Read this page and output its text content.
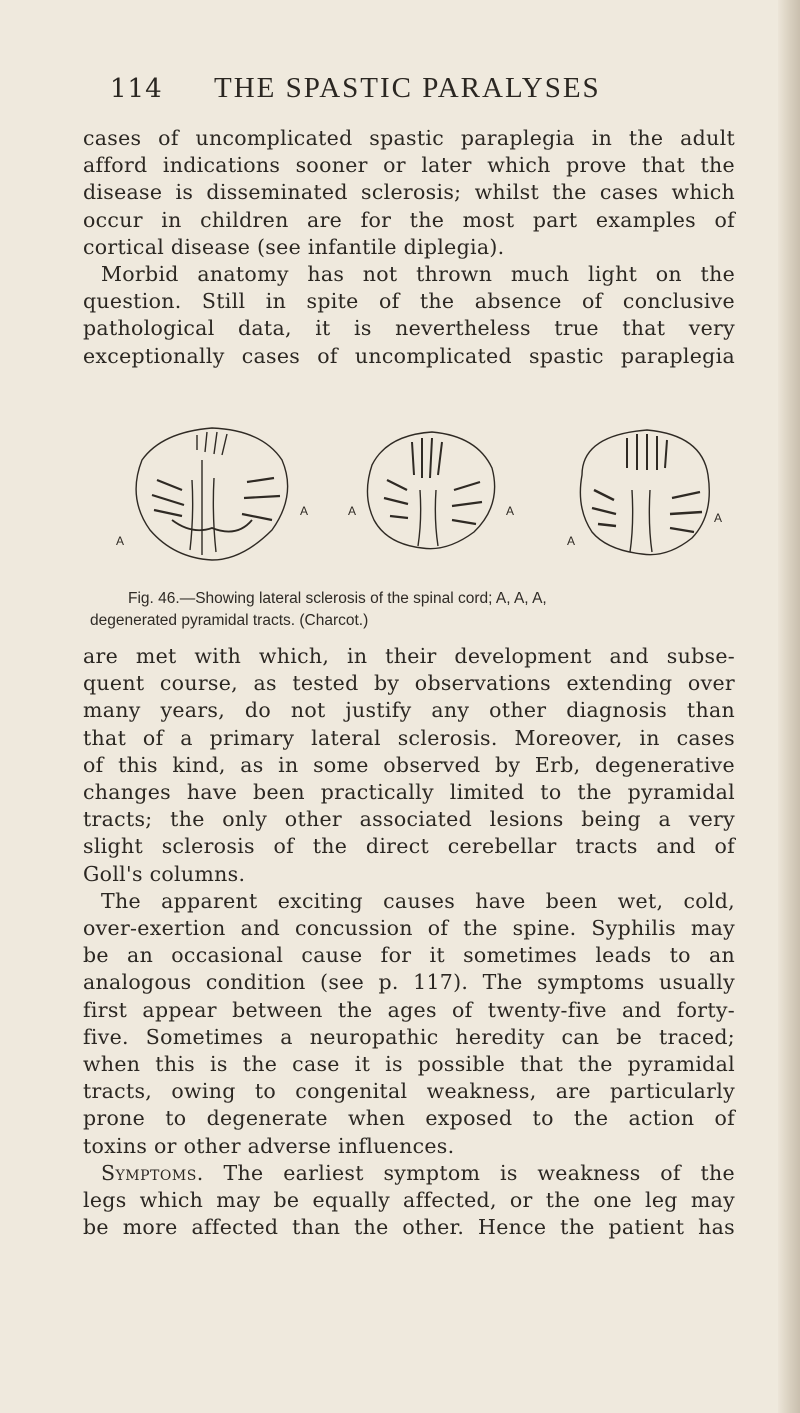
114 THE SPASTIC PARALYSES
cases of uncomplicated spastic paraplegia in the adult
afford indications sooner or later which prove that the
disease is disseminated sclerosis; whilst the cases which
occur in children are for the most part examples of
cortical disease (see infantile diplegia).
Morbid anatomy has not thrown much light on the
question. Still in spite of the absence of conclusive
pathological data, it is nevertheless true that very
exceptionally cases of uncomplicated spastic paraplegia
A
A	A	A
A
A
Fig. 46.—Showing lateral sclerosis of the spinal cord; A, A, A,
degenerated pyramidal tracts. (Charcot.)
are met with which, in their development and subse-
quent course, as tested by observations extending over
many years, do not justify any other diagnosis than
that of a primary lateral sclerosis. Moreover, in cases
of this kind, as in some observed by Erb, degenerative
changes have been practically limited to the pyramidal
tracts; the only other associated lesions being a very
slight sclerosis of the direct cerebellar tracts and of
Goll's columns.
The apparent exciting causes have been wet, cold,
over-exertion and concussion of the spine. Syphilis may
be an occasional cause for it sometimes leads to an
analogous condition (see p. 117). The symptoms usually
first appear between the ages of twenty-five and forty-
five. Sometimes a neuropathic heredity can be traced;
when this is the case it is possible that the pyramidal
tracts, owing to congenital weakness, are particularly
prone to degenerate when exposed to the action of
toxins or other adverse influences.
Symptoms. The earliest symptom is weakness of the
legs which may be equally affected, or the one leg may
be more affected than the other. Hence the patient has
